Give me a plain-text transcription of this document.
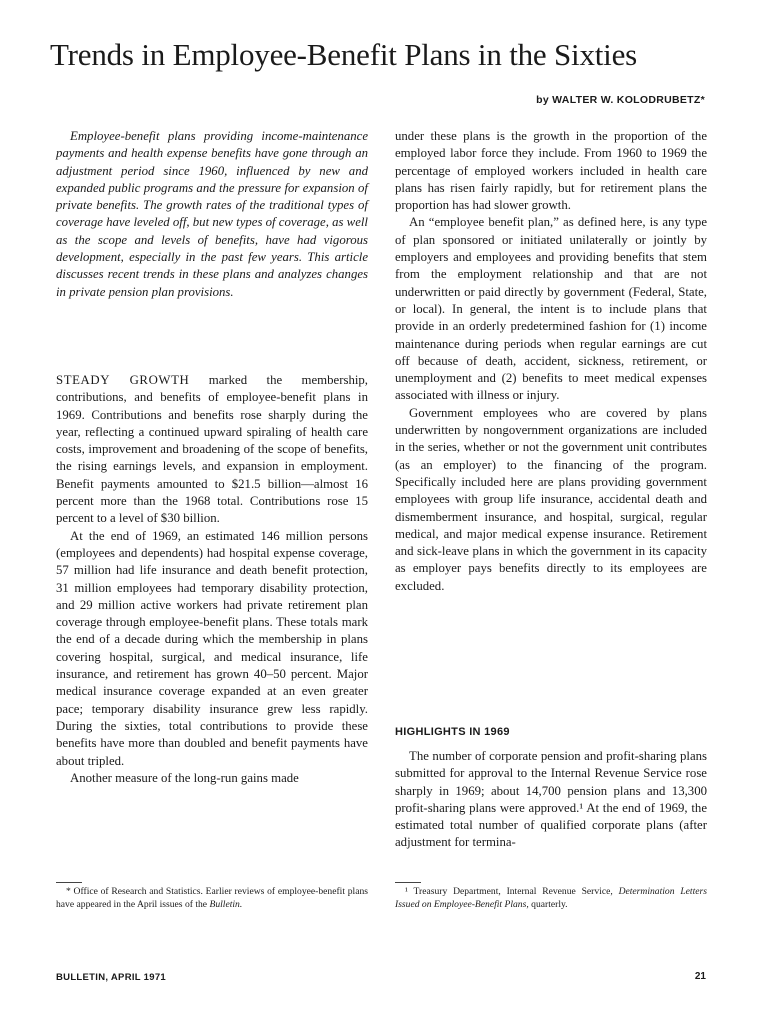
Trends in Employee-Benefit Plans in the Sixties
by WALTER W. KOLODRUBETZ*
Employee-benefit plans providing income-maintenance payments and health expense benefits have gone through an adjustment period since 1960, influenced by new and expanded public programs and the pressure for expansion of private benefits. The growth rates of the traditional types of coverage have leveled off, but new types of coverage, as well as the scope and levels of benefits, have had vigorous development, especially in the past few years. This article discusses recent trends in these plans and analyzes changes in private pension plan provisions.

STEADY GROWTH marked the membership, contributions, and benefits of employee-benefit plans in 1969. Contributions and benefits rose sharply during the year, reflecting a continued upward spiraling of health care costs, improvement and broadening of the scope of benefits, the rising earnings levels, and expansion in employment. Benefit payments amounted to $21.5 billion—almost 16 percent more than the 1968 total. Contributions rose 15 percent to a level of $30 billion.

At the end of 1969, an estimated 146 million persons (employees and dependents) had hospital expense coverage, 57 million had life insurance and death benefit protection, 31 million employees had temporary disability protection, and 29 million active workers had private retirement plan coverage through employee-benefit plans. These totals mark the end of a decade during which the membership in plans covering hospital, surgical, and medical insurance, life insurance, and retirement has grown 40–50 percent. Major medical insurance coverage expanded at an even greater pace; temporary disability insurance grew less rapidly. During the sixties, total contributions to provide these benefits have more than doubled and benefit payments have about tripled.

Another measure of the long-run gains made

* Office of Research and Statistics. Earlier reviews of employee-benefit plans have appeared in the April issues of the Bulletin.

under these plans is the growth in the proportion of the employed labor force they include. From 1960 to 1969 the percentage of employed workers included in health care plans has risen fairly rapidly, but for retirement plans the proportion has had slower growth.

An “employee benefit plan,” as defined here, is any type of plan sponsored or initiated unilaterally or jointly by employers and employees and providing benefits that stem from the employment relationship and that are not underwritten or paid directly by government (Federal, State, or local). In general, the intent is to include plans that provide in an orderly predetermined fashion for (1) income maintenance during periods when regular earnings are cut off because of death, accident, sickness, retirement, or unemployment and (2) benefits to meet medical expenses associated with illness or injury.

Government employees who are covered by plans underwritten by nongovernment organizations are included in the series, whether or not the government unit contributes (as an employer) to the financing of the program. Specifically included here are plans providing government employees with group life insurance, accidental death and dismemberment insurance, and hospital, surgical, regular medical, and major medical expense insurance. Retirement and sick-leave plans in which the government in its capacity as employer pays benefits directly to its employees are excluded.

HIGHLIGHTS IN 1969

The number of corporate pension and profit-sharing plans submitted for approval to the Internal Revenue Service rose sharply in 1969; about 14,700 pension plans and 13,300 profit-sharing plans were approved.¹ At the end of 1969, the estimated total number of qualified corporate plans (after adjustment for termina-

¹ Treasury Department, Internal Revenue Service, Determination Letters Issued on Employee-Benefit Plans, quarterly.
BULLETIN, APRIL 1971	21
